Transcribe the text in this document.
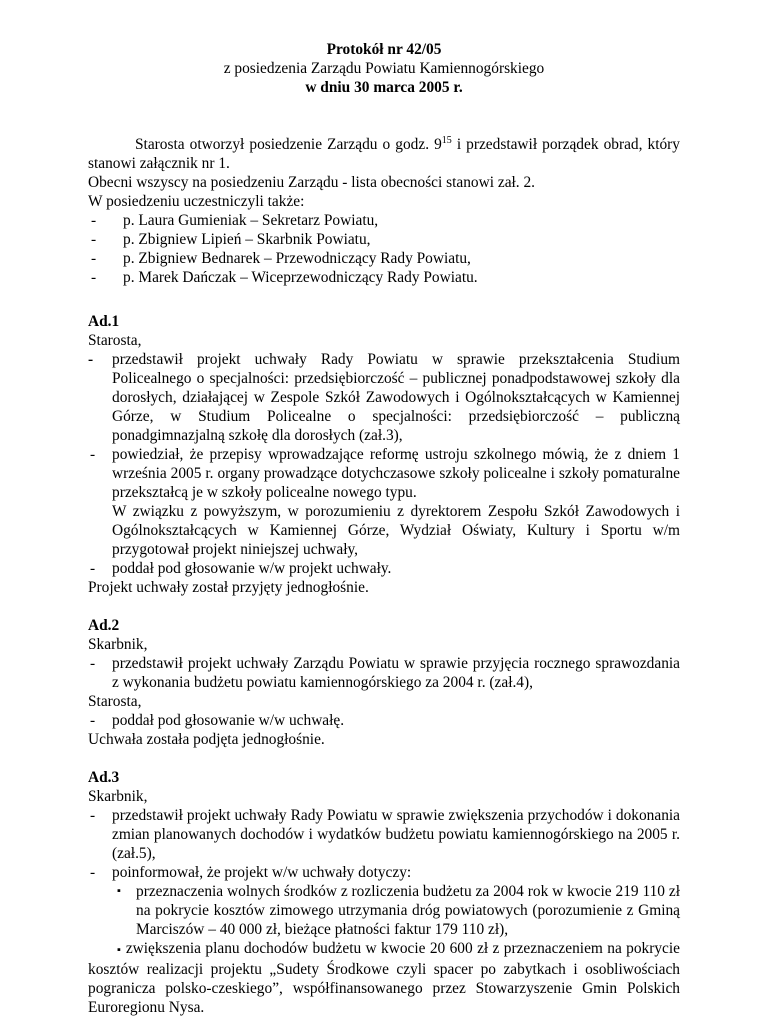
Protokół nr 42/05
z posiedzenia Zarządu Powiatu Kamiennogórskiego
w dniu 30 marca 2005 r.
Starosta otworzył posiedzenie Zarządu o godz. $9^{15}$ i przedstawił porządek obrad, który stanowi załącznik nr 1.
Obecni wszyscy na posiedzeniu Zarządu - lista obecności stanowi zał. 2.
W posiedzeniu uczestniczyli także:
- p. Laura Gumieniak – Sekretarz Powiatu,
- p. Zbigniew Lipień – Skarbnik Powiatu,
- p. Zbigniew Bednarek – Przewodniczący Rady Powiatu,
- p. Marek Dańczak – Wiceprzewodniczący Rady Powiatu.
Ad.1
Starosta,
- przedstawił projekt uchwały Rady Powiatu w sprawie przekształcenia Studium Policealnego o specjalności: przedsiębiorczość – publicznej ponadpodstawowej szkoły dla dorosłych, działającej w Zespole Szkół Zawodowych i Ogólnokształcących w Kamiennej Górze, w Studium Policealne o specjalności: przedsiębiorczość – publiczną ponadgimnazjalną szkołę dla dorosłych (zał.3),
- powiedział, że przepisy wprowadzające reformę ustroju szkolnego mówią, że z dniem 1 września 2005 r. organy prowadzące dotychczasowe szkoły policealne i szkoły pomaturalne przekształcą je w szkoły policealne nowego typu.
W związku z powyższym, w porozumieniu z dyrektorem Zespołu Szkół Zawodowych i Ogólnokształcących w Kamiennej Górze, Wydział Oświaty, Kultury i Sportu w/m przygotował projekt niniejszej uchwały,
- poddał pod głosowanie w/w projekt uchwały.
Projekt uchwały został przyjęty jednogłośnie.
Ad.2
Skarbnik,
- przedstawił projekt uchwały Zarządu Powiatu w sprawie przyjęcia rocznego sprawozdania z wykonania budżetu powiatu kamiennogórskiego za 2004 r. (zał.4),
Starosta,
- poddał pod głosowanie w/w uchwałę.
Uchwała została podjęta jednogłośnie.
Ad.3
Skarbnik,
- przedstawił projekt uchwały Rady Powiatu w sprawie zwiększenia przychodów i dokonania zmian planowanych dochodów i wydatków budżetu powiatu kamiennogórskiego na 2005 r. (zał.5),
- poinformował, że projekt w/w uchwały dotyczy:
▪ przeznaczenia wolnych środków z rozliczenia budżetu za 2004 rok w kwocie 219 110 zł na pokrycie kosztów zimowego utrzymania dróg powiatowych (porozumienie z Gminą Marciszów – 40 000 zł, bieżące płatności faktur 179 110 zł),
▪ zwiększenia planu dochodów budżetu w kwocie 20 600 zł z przeznaczeniem na pokrycie kosztów realizacji projektu „Sudety Środkowe czyli spacer po zabytkach i osobliwościach pogranicza polsko-czeskiego”, współfinansowanego przez Stowarzyszenie Gmin Polskich Euroregionu Nysa.
